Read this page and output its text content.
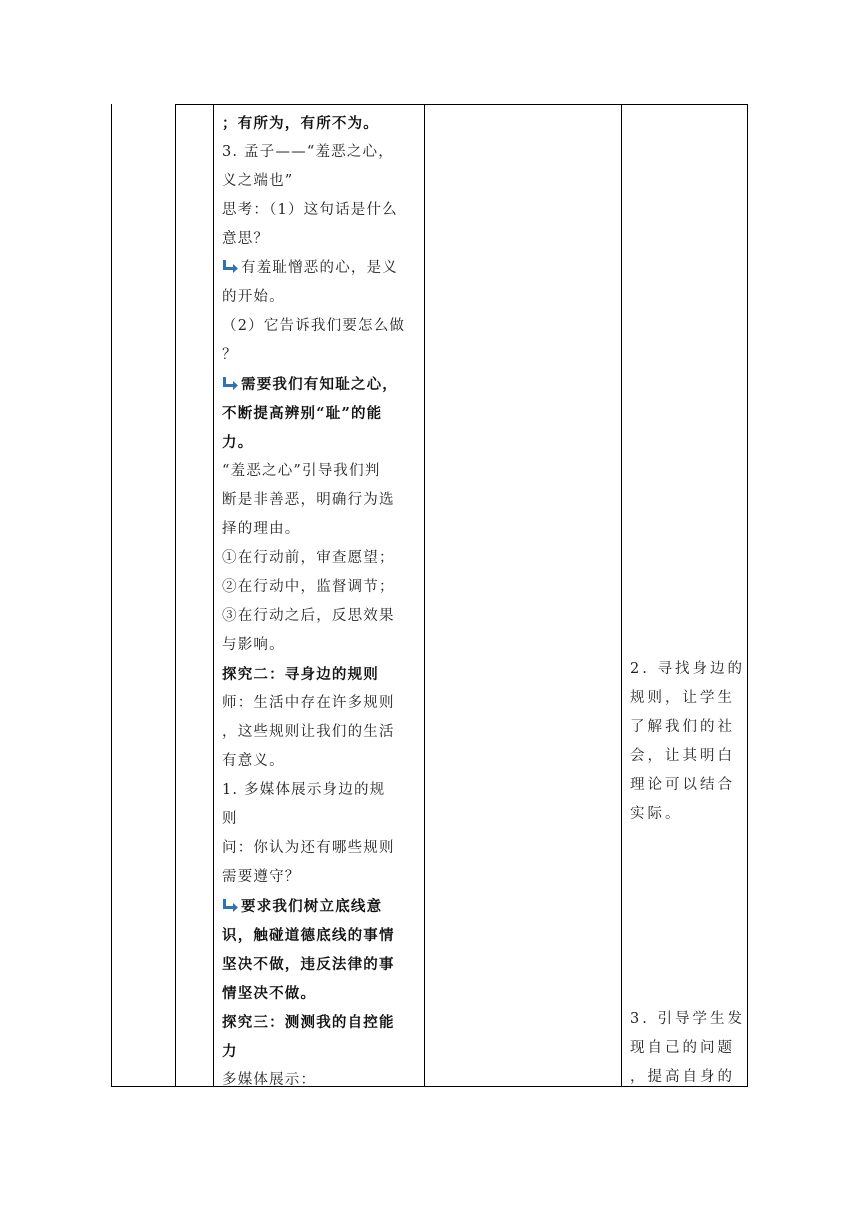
；有所为，有所不为。
3. 孟子——“羞恶之心，
义之端也”
思考：（1）这句话是什么
意思？
有羞耻憎恶的心，是义
的开始。
（2）它告诉我们要怎么做
？
需要我们有知耻之心，
不断提高辨别“耻”的能
力。
“羞恶之心”引导我们判
断是非善恶，明确行为选
择的理由。
①在行动前，审查愿望；
②在行动中，监督调节；
③在行动之后，反思效果
与影响。
探究二：寻身边的规则
师：生活中存在许多规则
，这些规则让我们的生活
有意义。
1. 多媒体展示身边的规
则
问：你认为还有哪些规则
需要遵守？
要求我们树立底线意
识，触碰道德底线的事情
坚决不做，违反法律的事
情坚决不做。
探究三：测测我的自控能
力
多媒体展示：
2. 寻找身边的
规则，让学生
了解我们的社
会，让其明白
理论可以结合
实际。
3. 引导学生发
现自己的问题
，提高自身的
